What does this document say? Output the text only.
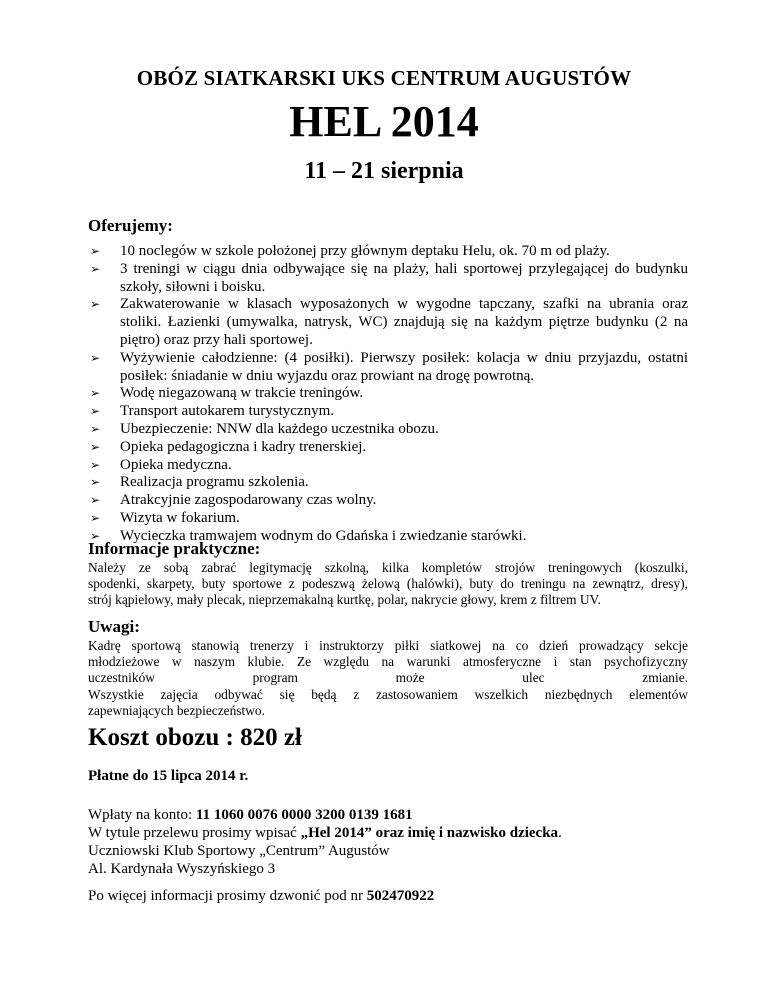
OBÓZ SIATKARSKI UKS CENTRUM AUGUSTÓW
HEL 2014
11 – 21 sierpnia
Oferujemy:
➢ 10 noclegów w szkole położonej przy głównym deptaku Helu, ok. 70 m od plaży.
➢ 3 treningi w ciągu dnia odbywające się na plaży, hali sportowej przylegającej do budynku szkoły, siłowni i boisku.
➢ Zakwaterowanie w klasach wyposażonych w wygodne tapczany, szafki na ubrania oraz stoliki. Łazienki (umywalka, natrysk, WC) znajdują się na każdym piętrze budynku (2 na piętro) oraz przy hali sportowej.
➢ Wyżywienie całodzienne: (4 posiłki). Pierwszy posiłek: kolacja w dniu przyjazdu, ostatni posiłek: śniadanie w dniu wyjazdu oraz prowiant na drogę powrotną.
➢ Wodę niegazowaną w trakcie treningów.
➢ Transport autokarem turystycznym.
➢ Ubezpieczenie: NNW dla każdego uczestnika obozu.
➢ Opieka pedagogiczna i kadry trenerskiej.
➢ Opieka medyczna.
➢ Realizacja programu szkolenia.
➢ Atrakcyjnie zagospodarowany czas wolny.
➢ Wizyta w fokarium.
➢ Wycieczka tramwajem wodnym do Gdańska i zwiedzanie starówki.
Informacje praktyczne:
Należy ze sobą zabrać legitymację szkolną, kilka kompletów strojów treningowych (koszulki,
spodenki, skarpety, buty sportowe z podeszwą żelową (halówki), buty do treningu na zewnątrz, dresy),
strój kąpielowy, mały plecak, nieprzemakalną kurtkę, polar, nakrycie głowy, krem z filtrem UV.
Uwagi:
Kadrę sportową stanowią trenerzy i instruktorzy piłki siatkowej na co dzień prowadzący sekcje
młodzieżowe w naszym klubie. Ze względu na warunki atmosferyczne i stan psychofizyczny
uczestników	program	może	ulec	zmianie.
Wszystkie zajęcia odbywać się będą z zastosowaniem wszelkich niezbędnych elementów
zapewniających bezpieczeństwo.
Koszt obozu : 820 zł
Płatne do 15 lipca 2014 r.
Wpłaty na konto: 11 1060 0076 0000 3200 0139 1681
W tytule przelewu prosimy wpisać „Hel 2014” oraz imię i nazwisko dziecka.
Uczniowski Klub Sportowy „Centrum” Augustów
Al. Kardynała Wyszyńskiego 3
Po więcej informacji prosimy dzwonić pod nr 502470922
